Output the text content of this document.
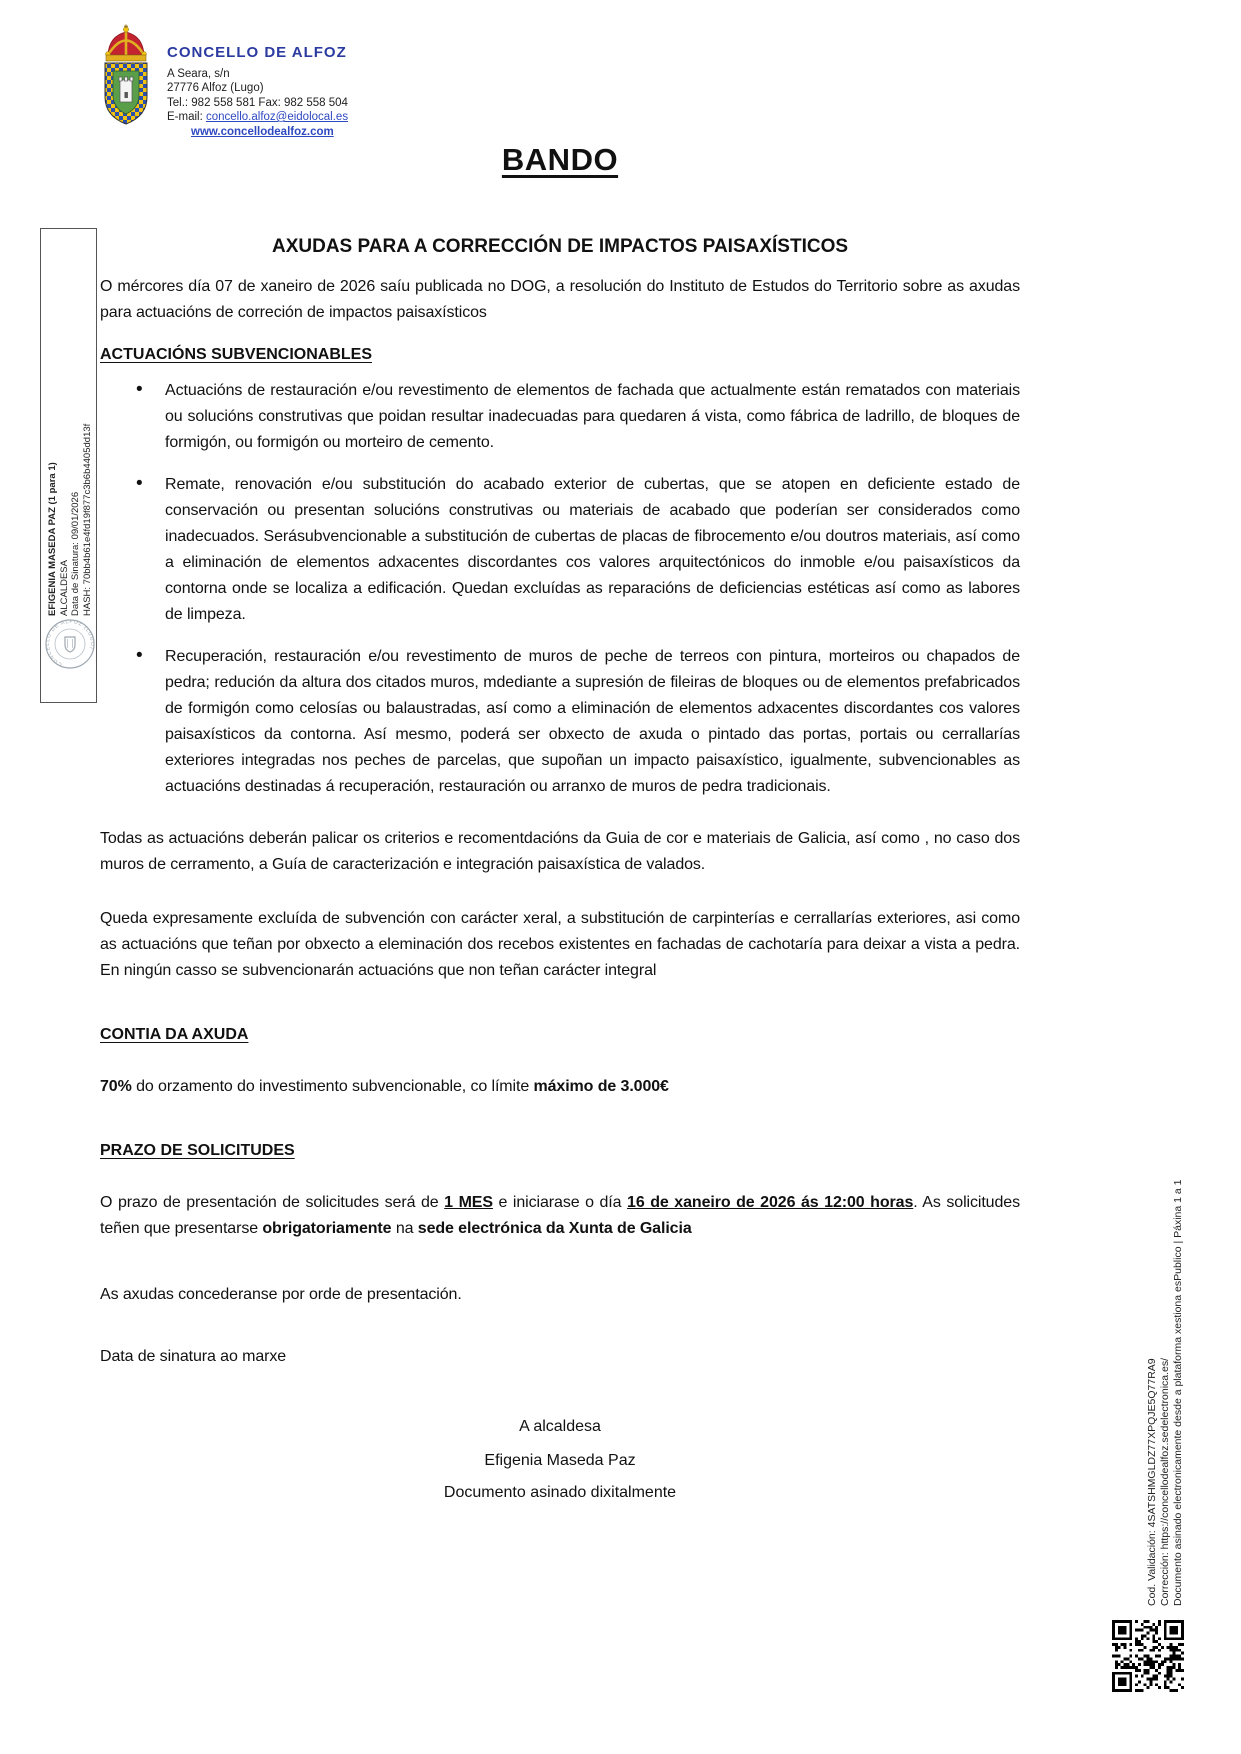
CONCELLO DE ALFOZ
A Seara, s/n
27776 Alfoz (Lugo)
Tel.: 982 558 581 Fax: 982 558 504
E-mail: concello.alfoz@eidolocal.es
www.concellodealfoz.com
BANDO
AXUDAS PARA A CORRECCIÓN DE IMPACTOS PAISAXÍSTICOS

O mércores día 07 de xaneiro de 2026 saíu publicada no DOG, a resolución do Instituto de Estudos do Territorio sobre as axudas para actuacións de correción de impactos paisaxísticos

ACTUACIÓNS SUBVENCIONABLES
• Actuacións de restauración e/ou revestimento de elementos de fachada que actualmente están rematados con materiais ou solucións construtivas que poidan resultar inadecuadas para quedaren á vista, como fábrica de ladrillo, de bloques de formigón, ou formigón ou morteiro de cemento.
• Remate, renovación e/ou substitución do acabado exterior de cubertas, que se atopen en deficiente estado de conservación ou presentan solucións construtivas ou materiais de acabado que poderían ser considerados como inadecuados. Serásubvencionable a substitución de cubertas de placas de fibrocemento e/ou doutros materiais, así como a eliminación de elementos adxacentes discordantes cos valores arquitectónicos do inmoble e/ou paisaxísticos da contorna onde se localiza a edificación. Quedan excluídas as reparacións de deficiencias estéticas así como as labores de limpeza.
• Recuperación, restauración e/ou revestimento de muros de peche de terreos con pintura, morteiros ou chapados de pedra; redución da altura dos citados muros, mdediante a supresión de fileiras de bloques ou de elementos prefabricados de formigón como celosías ou balaustradas, así como a eliminación de elementos adxacentes discordantes cos valores paisaxísticos da contorna. Así mesmo, poderá ser obxecto de axuda o pintado das portas, portais ou cerrallarías exteriores integradas nos peches de parcelas, que supoñan un impacto paisaxístico, igualmente, subvencionables as actuacións destinadas á recuperación, restauración ou arranxo de muros de pedra tradicionais.

Todas as actuacións deberán palicar os criterios e recomentdacións da Guia de cor e materiais de Galicia, así como , no caso dos muros de cerramento, a Guía de caracterización e integración paisaxística de valados.

Queda expresamente excluída de subvención con carácter xeral, a substitución de carpinterías e cerrallarías exteriores, asi como as actuacións que teñan por obxecto a eleminación dos recebos existentes en fachadas de cachotaría para deixar a vista a pedra. En ningún casso se subvencionarán actuacións que non teñan carácter integral

CONTIA DA AXUDA

70% do orzamento do investimento subvencionable, co límite máximo de 3.000€

PRAZO DE SOLICITUDES

O prazo de presentación de solicitudes será de 1 MES e iniciarase o día 16 de xaneiro de 2026 ás 12:00 horas. As solicitudes teñen que presentarse obrigatoriamente na sede electrónica da Xunta de Galicia

As axudas concederanse por orde de presentación.

Data de sinatura ao marxe

A alcaldesa
Efigenia Maseda Paz
Documento asinado dixitalmente
EFIGENIA MASEDA PAZ (1 para 1) ALCALDESA Data de Sinatura: 09/01/2026 HASH: 70bb4b61e4fd19f877c3b6b4405dd13f
CONCELLO DE ALFOZ (LUGO)
Cod. Validación: 4SATSHMGLDZ77XPQJE5Q77RA9 Corrección: https://concellodealfoz.sedelectronica.es/ Documento asinado electronicamente desde a plataforma xestiona esPublico | Páxina 1 a 1
